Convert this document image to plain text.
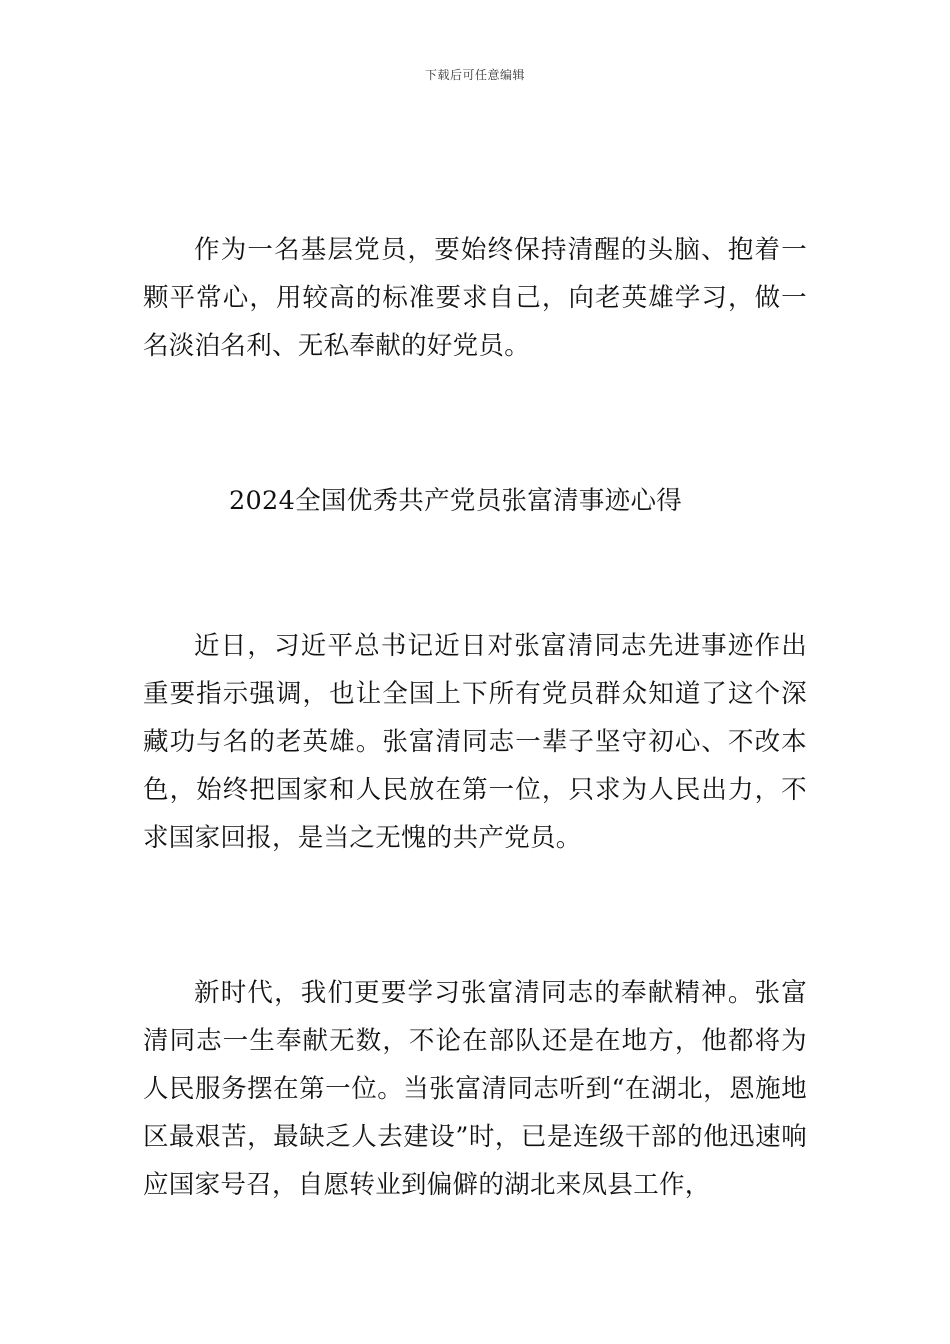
下载后可任意编辑

作为一名基层党员，要始终保持清醒的头脑、抱着一颗平常心，用较高的标准要求自己，向老英雄学习，做一名淡泊名利、无私奉献的好党员。

2024全国优秀共产党员张富清事迹心得

近日，习近平总书记近日对张富清同志先进事迹作出重要指示强调，也让全国上下所有党员群众知道了这个深藏功与名的老英雄。张富清同志一辈子坚守初心、不改本色，始终把国家和人民放在第一位，只求为人民出力，不求国家回报，是当之无愧的共产党员。

新时代，我们更要学习张富清同志的奉献精神。张富清同志一生奉献无数，不论在部队还是在地方，他都将为人民服务摆在第一位。当张富清同志听到“在湖北，恩施地区最艰苦，最缺乏人去建设”时，已是连级干部的他迅速响应国家号召，自愿转业到偏僻的湖北来凤县工作，
